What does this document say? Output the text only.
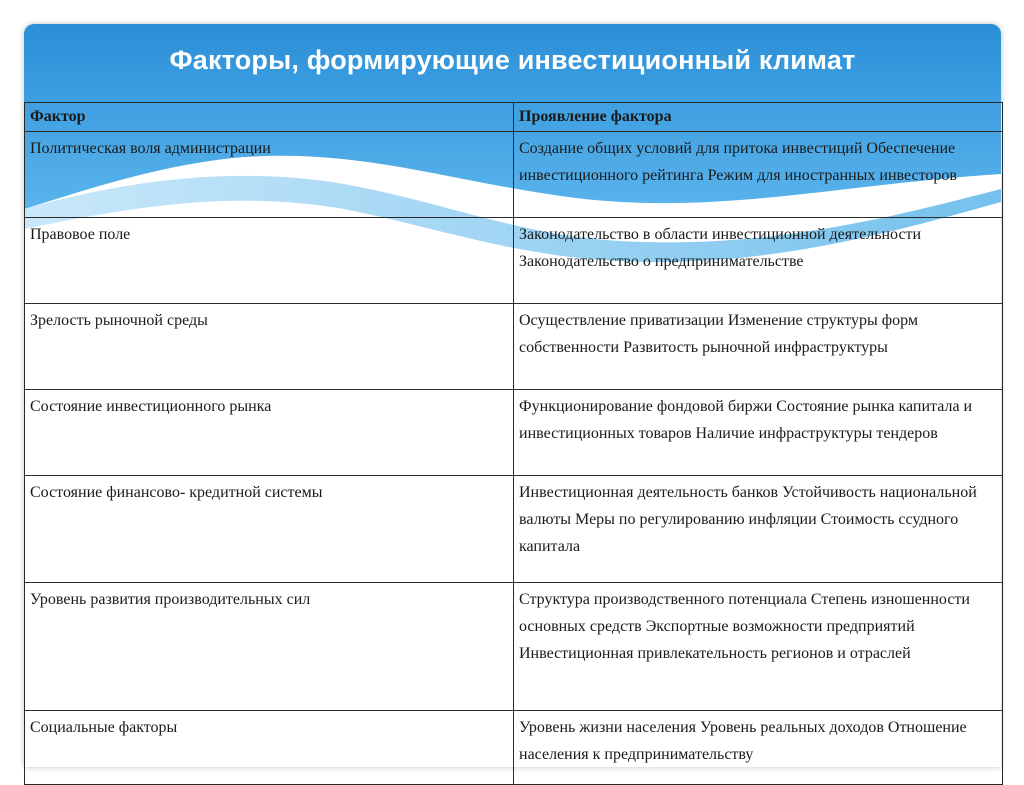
Факторы, формирующие инвестиционный климат
Фактор	Проявление фактора
Политическая воля администрации	Создание общих условий для притока инвестиций Обеспечение инвестиционного рейтинга Режим для иностранных инвесторов
Правовое поле	Законодательство в области инвестиционной деятельности Законодательство о предпринимательстве
Зрелость рыночной среды	Осуществление приватизации Изменение структуры форм собственности Развитость рыночной инфраструктуры
Состояние инвестиционного рынка	Функционирование фондовой биржи Состояние рынка капитала и инвестиционных товаров Наличие инфраструктуры тендеров
Состояние финансово- кредитной системы	Инвестиционная деятельность банков Устойчивость национальной валюты Меры по регулированию инфляции Стоимость ссудного капитала
Уровень развития производительных сил	Структура производственного потенциала Степень изношенности основных средств Экспортные возможности предприятий Инвестиционная привлекательность регионов и отраслей
Социальные факторы	Уровень жизни населения Уровень реальных доходов Отношение населения к предпринимательству
